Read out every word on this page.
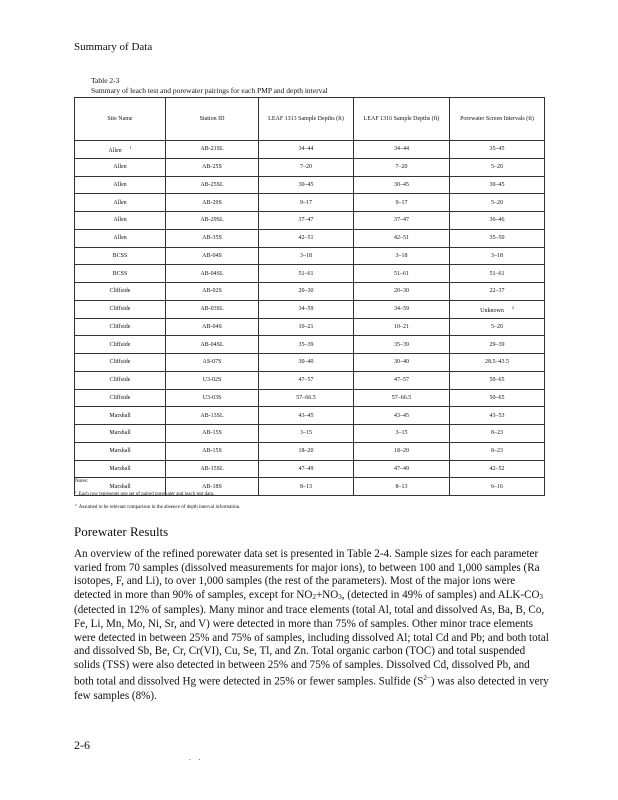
Summary of Data
Table 2-3
Summary of leach test and porewater pairings for each PMP and depth interval
Site Name	Station ID	LEAF 1313 Sample Depths (ft)	LEAF 1316 Sample Depths (ft)	Porewater Screen Intervals (ft)
Allen$^1$	AB-21SL	34–44	34–44	35–45
Allen	AB-25S	7–20	7–20	5–20
Allen	AB-25SL	30–45	30–45	30–45
Allen	AB-29S	9–17	9–17	5–20
Allen	AB-29SL	37–47	37–47	36–46
Allen	AB-35S	42–51	42–51	35–50
BCSS	AB-04S	3–18	3–18	3–18
BCSS	AB-04SL	51–61	51–61	51–61
Cliffside	AB-02S	20–30	20–30	22–37
Cliffside	AB-03SL	34–59	34–59	Unknown$^2$
Cliffside	AB-04S	10–21	10–21	5–20
Cliffside	AB-04SL	35–39	35–39	29–39
Cliffside	AS-07S	30–40	30–40	28.5–43.5
Cliffside	U3-02S	47–57	47–57	50–65
Cliffside	U3-03S	57–66.5	57–66.5	50–65
Marshall	AB-13SL	43–45	43–45	43–53
Marshall	AB-15S	3–15	3–15	8–23
Marshall	AB-15S	18–20	18–20	8–23
Marshall	AB-15SL	47–49	47–49	42–52
Marshall	AB-18S	8–13	8–13	6–16
Notes:
$^1$ Each row represents one set of paired porewater and leach test data.
$^2$ Assumed to be relevant comparison in the absence of depth interval information.
Porewater Results
An overview of the refined porewater data set is presented in Table 2-4. Sample sizes for each parameter varied from 70 samples (dissolved measurements for major ions), to between 100 and 1,000 samples (Ra isotopes, F, and Li), to over 1,000 samples (the rest of the parameters). Most of the major ions were detected in more than 90% of samples, except for $NO_2+NO_3$, (detected in 49% of samples) and ALK-$CO_3$ (detected in 12% of samples). Many minor and trace elements (total Al, total and dissolved As, Ba, B, Co, Fe, Li, Mn, Mo, Ni, Sr, and V) were detected in more than 75% of samples. Other minor trace elements were detected in between 25% and 75% of samples, including dissolved Al; total Cd and Pb; and both total and dissolved Sb, Be, Cr, Cr(VI), Cu, Se, Tl, and Zn. Total organic carbon (TOC) and total suspended solids (TSS) were also detected in between 25% and 75% of samples. Dissolved Cd, dissolved Pb, and both total and dissolved Hg were detected in 25% or fewer samples. Sulfide $(S^{2-})$ was also detected in very few samples (8%).
2-6
. .
